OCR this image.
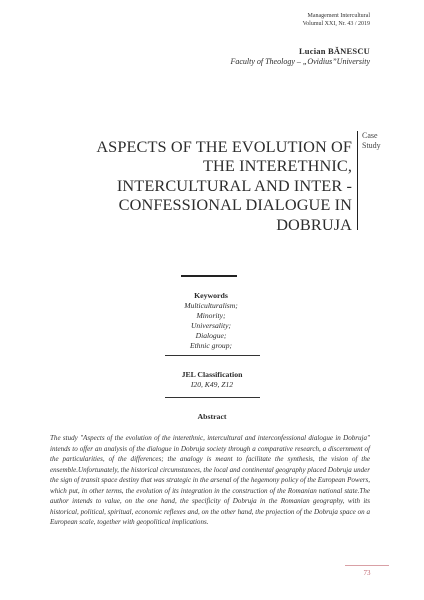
Management Intercultural
Volumul XXI, Nr. 43 / 2019
Lucian BĂNESCU
Faculty of Theology – „Ovidius”University
ASPECTS OF THE EVOLUTION OF
THE INTERETHNIC,
INTERCULTURAL AND INTER -
CONFESSIONAL DIALOGUE IN
DOBRUJA
Case
Study
Keywords
Multiculturalism;
Minority;
Universality;
Dialogue;
Ethnic group;
JEL Classification
I20, K49, Z12
Abstract
The study "Aspects of the evolution of the interethnic, intercultural and interconfessional dialogue in Dobruja" intends to offer an analysis of the dialogue in Dobruja society through a comparative research, a discernment of the particularities, of the differences; the analogy is meant to facilitate the synthesis, the vision of the ensemble.Unfortunately, the historical circumstances, the local and continental geography placed Dobruja under the sign of transit space destiny that was strategic in the arsenal of the hegemony policy of the European Powers, which put, in other terms, the evolution of its integration in the construction of the Romanian national state.The author intends to value, on the one hand, the specificity of Dobruja in the Romanian geography, with its historical, political, spiritual, economic reflexes and, on the other hand, the projection of the Dobruja space on a European scale, together with geopolitical implications.
73
